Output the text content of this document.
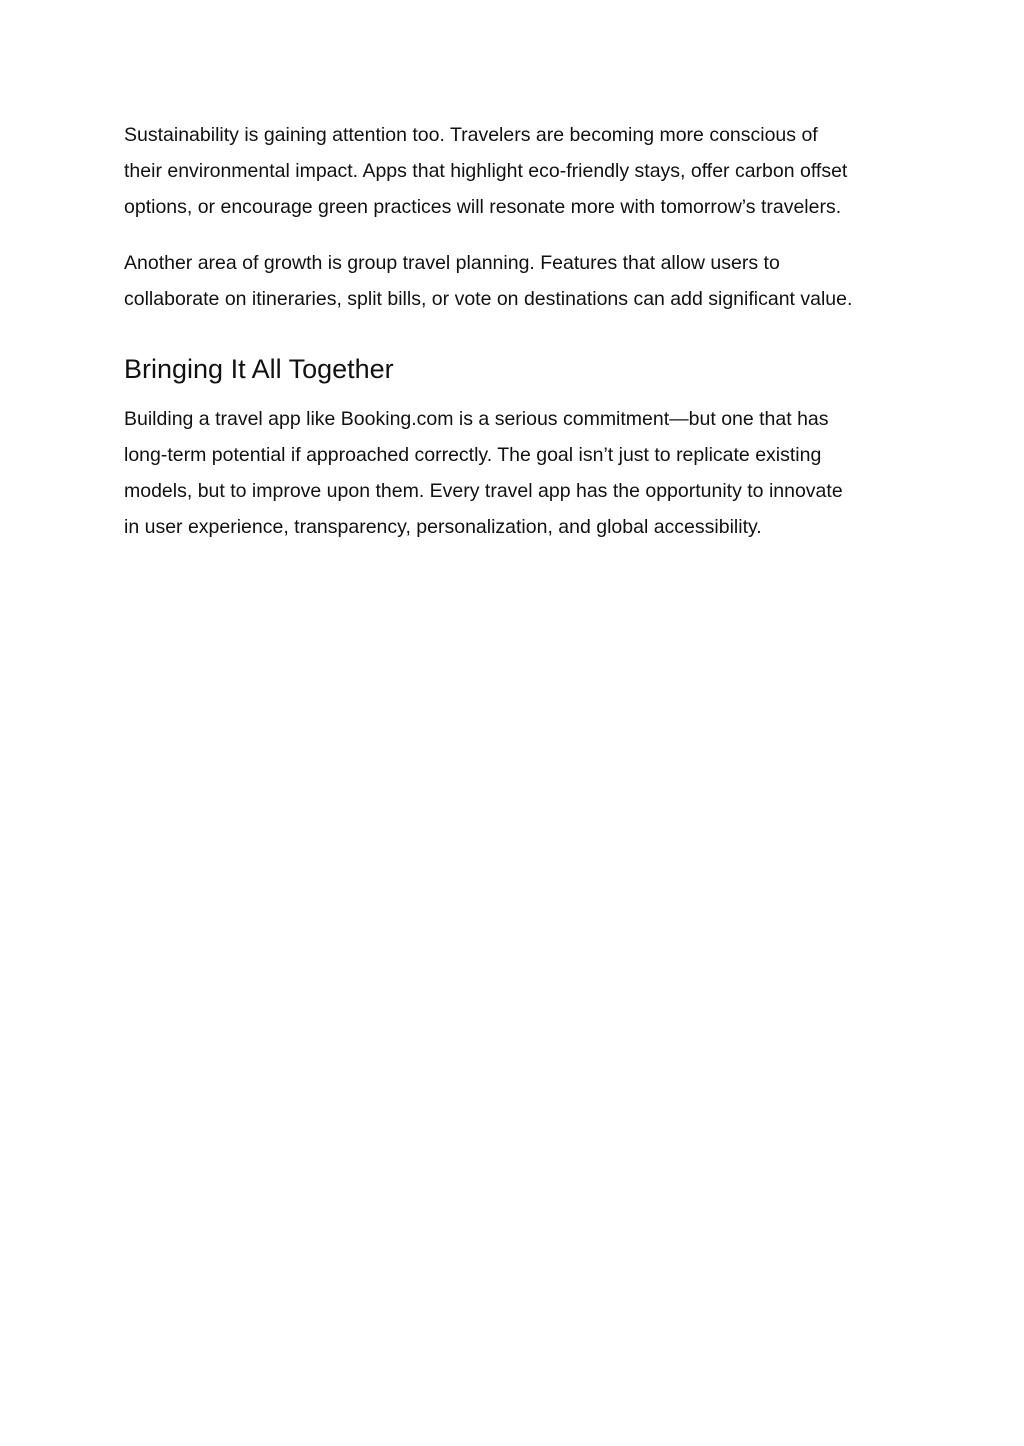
Sustainability is gaining attention too. Travelers are becoming more conscious of
their environmental impact. Apps that highlight eco-friendly stays, offer carbon offset
options, or encourage green practices will resonate more with tomorrow’s travelers.

Another area of growth is group travel planning. Features that allow users to
collaborate on itineraries, split bills, or vote on destinations can add significant value.

Bringing It All Together

Building a travel app like Booking.com is a serious commitment—but one that has
long-term potential if approached correctly. The goal isn’t just to replicate existing
models, but to improve upon them. Every travel app has the opportunity to innovate
in user experience, transparency, personalization, and global accessibility.
